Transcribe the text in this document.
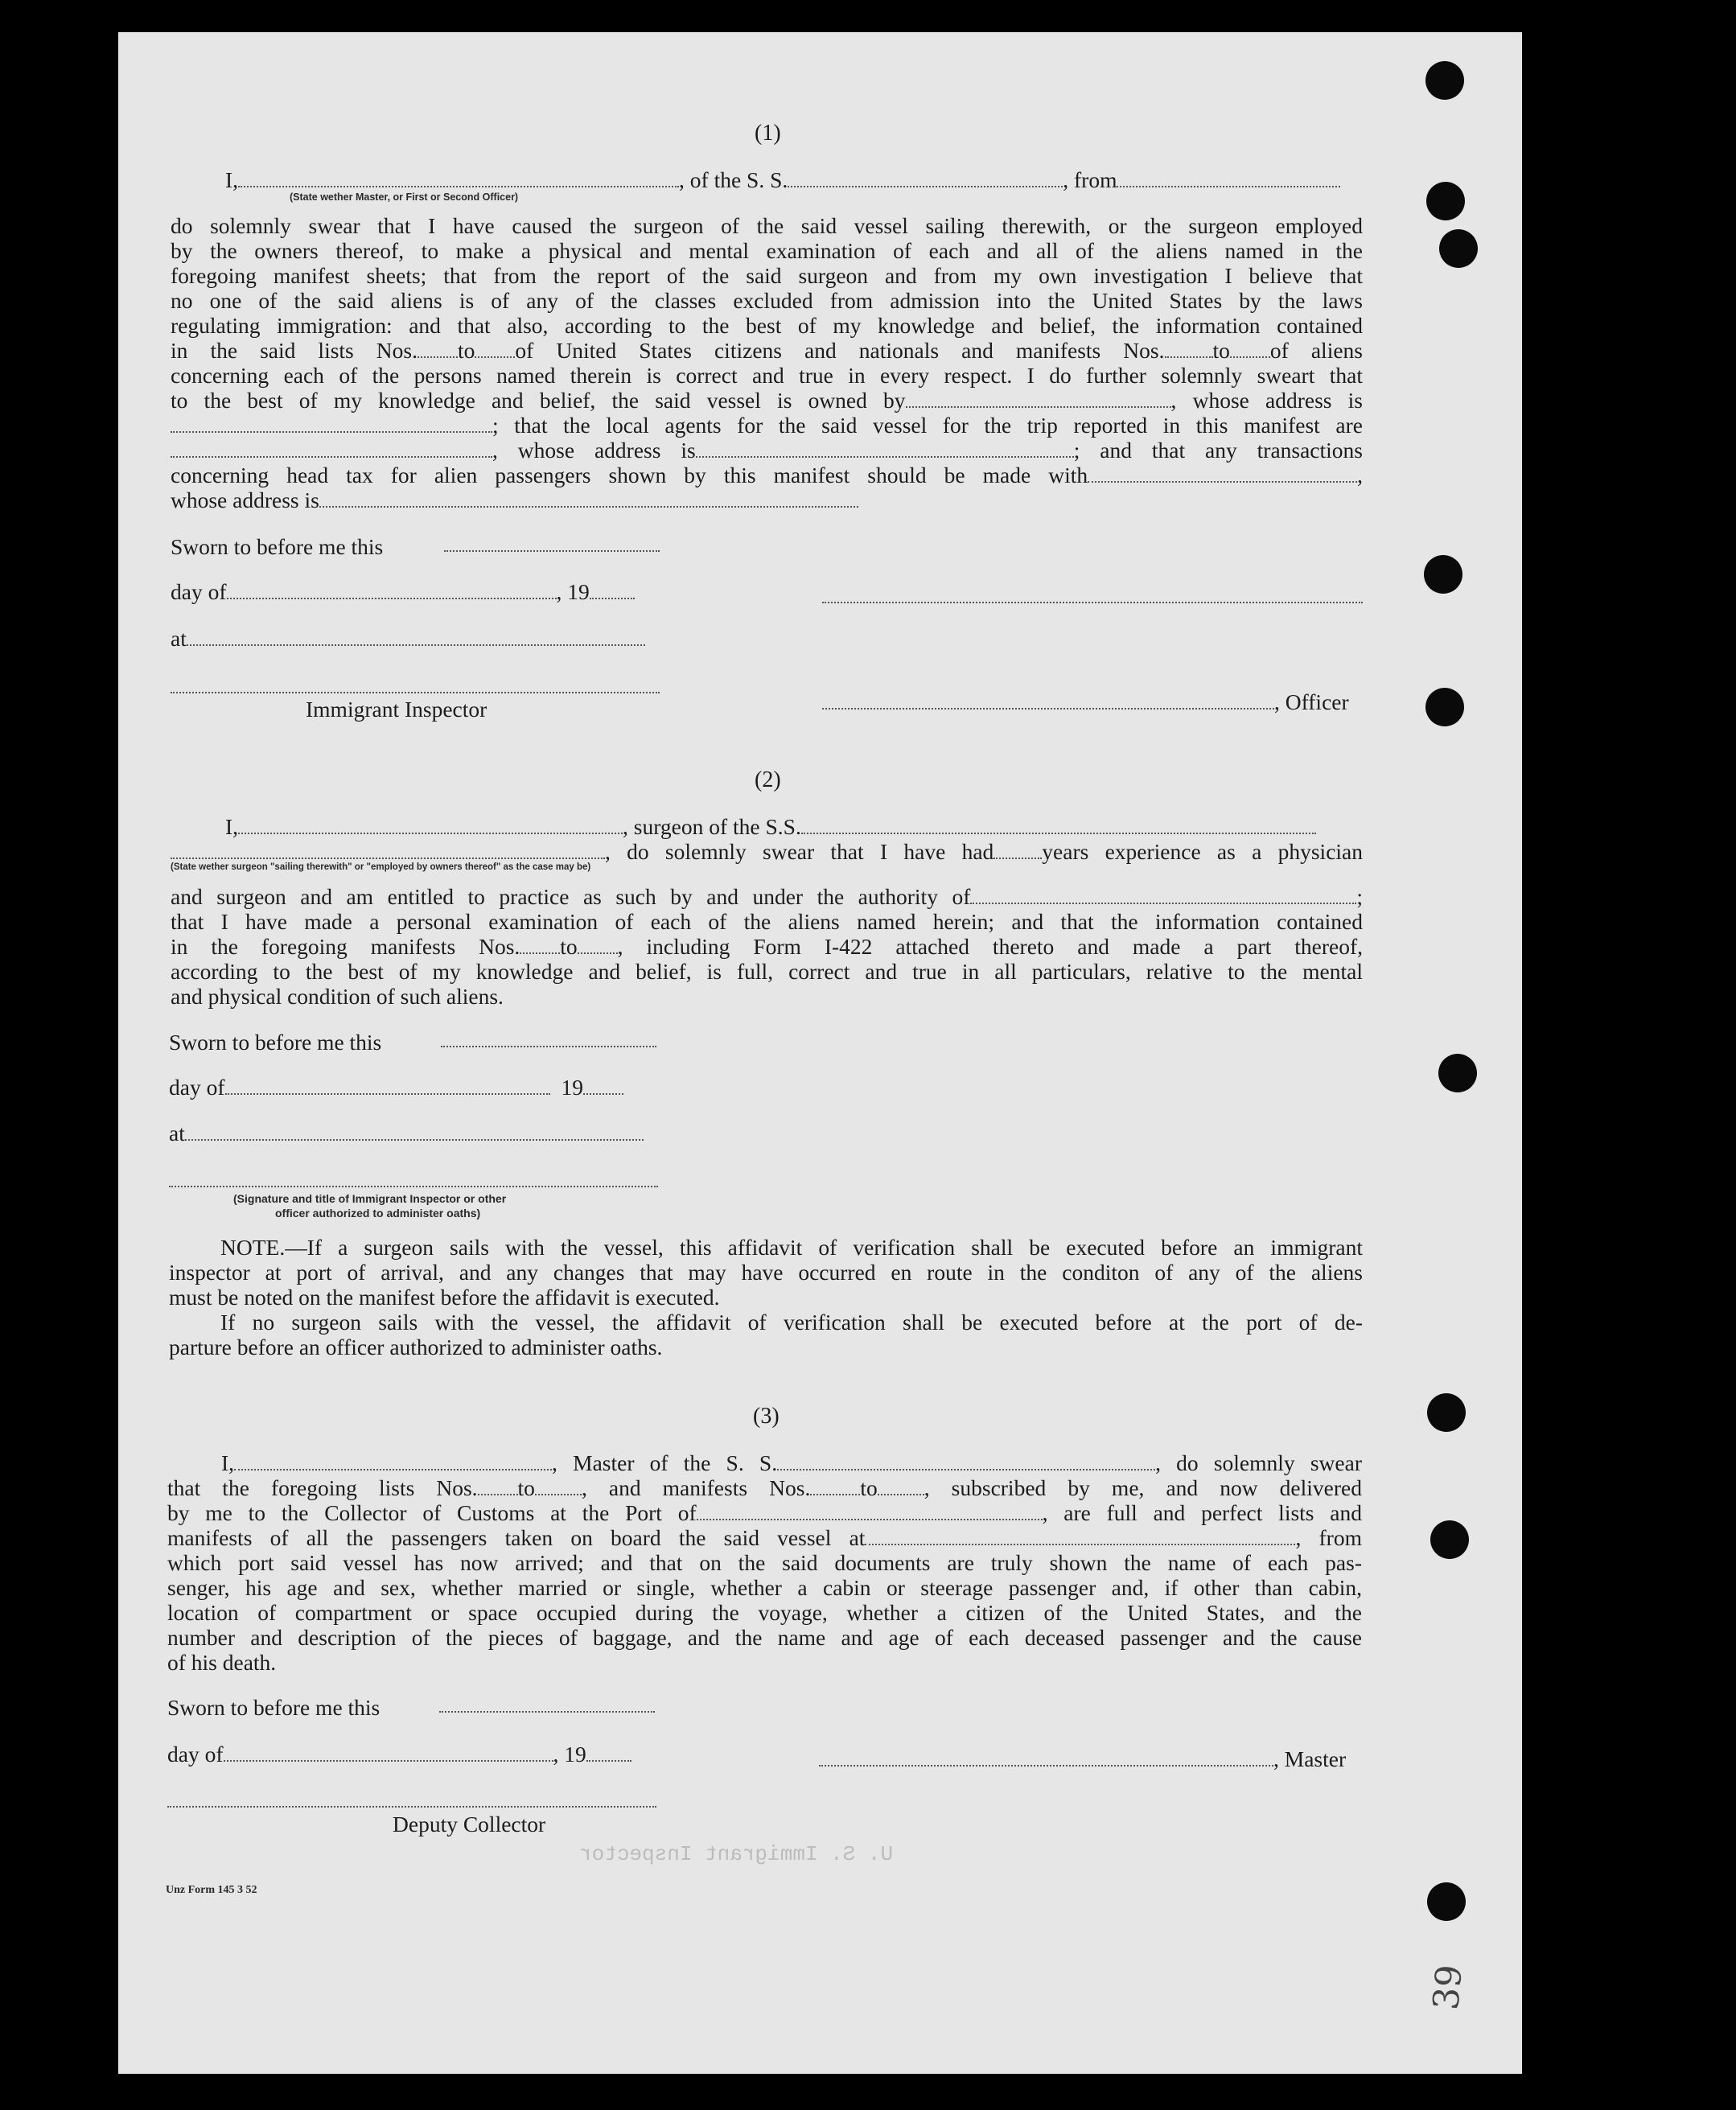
(1)
I,	, of the S. S.	, from
(State wether Master, or First or Second Officer)
do solemnly swear that I have caused the surgeon of the said vessel sailing therewith, or the surgeon employed
by the owners thereof, to make a physical and mental examination of each and all of the aliens named in the
foregoing manifest sheets; that from the report of the said surgeon and from my own investigation I believe that
no one of the said aliens is of any of the classes excluded from admission into the United States by the laws
regulating immigration: and that also, according to the best of my knowledge and belief, the information contained
in the said lists Nos. to of United States citizens and nationals and manifests Nos. to of aliens
concerning each of the persons named therein is correct and true in every respect. I do further solemnly sweart that
to the best of my knowledge and belief, the said vessel is owned by	, whose address is
; that the local agents for the said vessel for the trip reported in this manifest are
, whose address is	; and that any transactions
concerning head tax for alien passengers shown by this manifest should be made with	,
whose address is
Sworn to before me this
day of	, 19
at
Immigrant Inspector	, Officer
(2)
I,	, surgeon of the S.S.
, do solemnly swear that I have had years experience as a physician
(State wether surgeon "sailing therewith" or "employed by owners thereof" as the case may be)
and surgeon and am entitled to practice as such by and under the authority of	;
that I have made a personal examination of each of the aliens named herein; and that the information contained
in the foregoing manifests Nos. to , including Form I-422 attached thereto and made a part thereof,
according to the best of my knowledge and belief, is full, correct and true in all particulars, relative to the mental
and physical condition of such aliens.
Sworn to before me this
day of	19
at
(Signature and title of Immigrant Inspector or other
officer authorized to administer oaths)
NOTE.—If a surgeon sails with the vessel, this affidavit of verification shall be executed before an immigrant
inspector at port of arrival, and any changes that may have occurred en route in the conditon of any of the aliens
must be noted on the manifest before the affidavit is executed.
If no surgeon sails with the vessel, the affidavit of verification shall be executed before at the port of de-
parture before an officer authorized to administer oaths.
(3)
I,	, Master of the S. S.	, do solemnly swear
that the foregoing lists Nos. to , and manifests Nos. to , subscribed by me, and now delivered
by me to the Collector of Customs at the Port of	, are full and perfect lists and
manifests of all the passengers taken on board the said vessel at	, from
which port said vessel has now arrived; and that on the said documents are truly shown the name of each pas-
senger, his age and sex, whether married or single, whether a cabin or steerage passenger and, if other than cabin,
location of compartment or space occupied during the voyage, whether a citizen of the United States, and the
number and description of the pieces of baggage, and the name and age of each deceased passenger and the cause
of his death.
Sworn to before me this
day of	, 19	, Master
Deputy Collector
U. S. Immigrant Inspector
Unz Form 145 3 52
39
